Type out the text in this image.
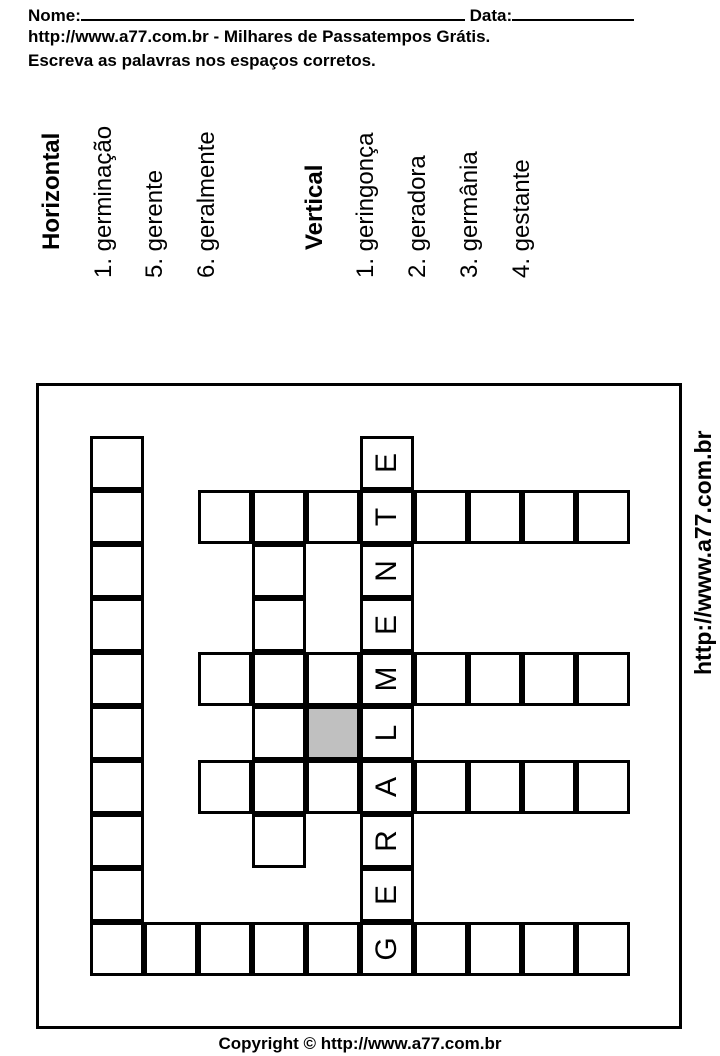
Nome:	Data:
http://www.a77.com.br - Milhares de Passatempos Grátis.
Escreva as palavras nos espaços corretos.
Horizontal 1. germinação 5. gerente 6. geralmente	Vertical 1. geringonça 2. geradora 3. germânia 4. gestante
E
T
N
E
M
L
A
R
E
G
http://www.a77.com.br
Copyright © http://www.a77.com.br
